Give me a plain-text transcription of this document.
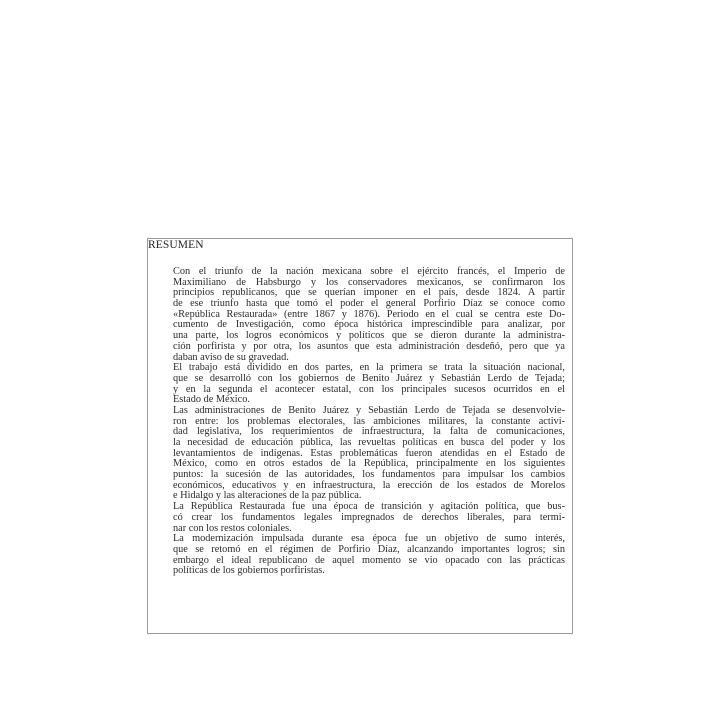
RESUMEN
Con el triunfo de la nación mexicana sobre el ejército francés, el Imperio de
Maximiliano de Habsburgo y los conservadores mexicanos, se confirmaron los
principios republicanos, que se querían imponer en el país, desde 1824. A partir
de ese triunfo hasta que tomó el poder el general Porfirio Díaz se conoce como
«República Restaurada» (entre 1867 y 1876). Periodo en el cual se centra este Do-
cumento de Investigación, como época histórica imprescindible para analizar, por
una parte, los logros económicos y políticos que se dieron durante la administra-
ción porfirista y por otra, los asuntos que esta administración desdeñó, pero que ya
daban aviso de su gravedad.
El trabajo está dividido en dos partes, en la primera se trata la situación nacional,
que se desarrolló con los gobiernos de Benito Juárez y Sebastián Lerdo de Tejada;
y en la segunda el acontecer estatal, con los principales sucesos ocurridos en el
Estado de México.
Las administraciones de Benito Juárez y Sebastián Lerdo de Tejada se desenvolvie-
ron entre: los problemas electorales, las ambiciones militares, la constante activi-
dad legislativa, los requerimientos de infraestructura, la falta de comunicaciones,
la necesidad de educación pública, las revueltas políticas en busca del poder y los
levantamientos de indígenas. Estas problemáticas fueron atendidas en el Estado de
México, como en otros estados de la República, principalmente en los siguientes
puntos: la sucesión de las autoridades, los fundamentos para impulsar los cambios
económicos, educativos y en infraestructura, la erección de los estados de Morelos
e Hidalgo y las alteraciones de la paz pública.
La República Restaurada fue una época de transición y agitación política, que bus-
có crear los fundamentos legales impregnados de derechos liberales, para termi-
nar con los restos coloniales.
La modernización impulsada durante esa época fue un objetivo de sumo interés,
que se retomó en el régimen de Porfirio Díaz, alcanzando importantes logros; sin
embargo el ideal republicano de aquel momento se vio opacado con las prácticas
políticas de los gobiernos porfiristas.
